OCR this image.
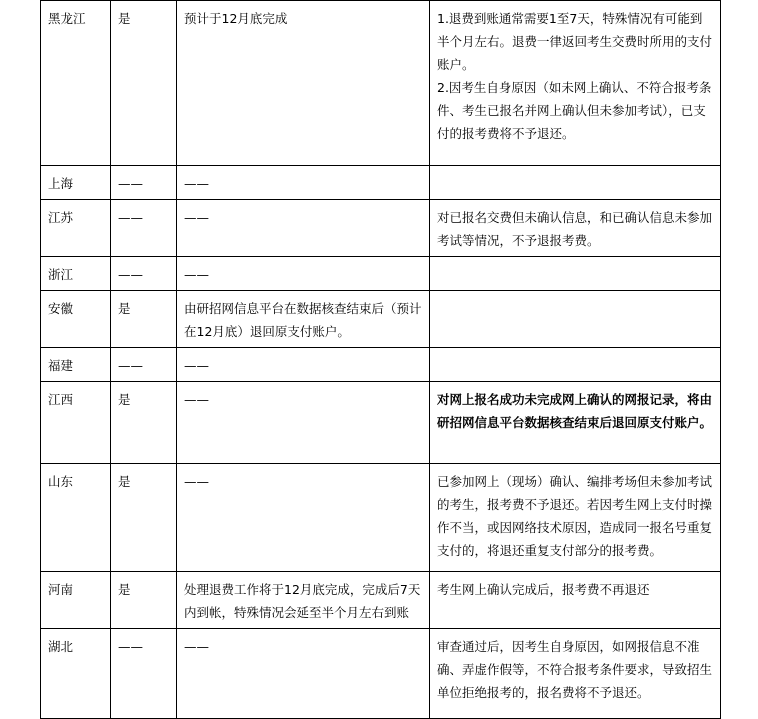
黑龙江	是	预计于12月底完成	1.退费到账通常需要1至7天，特殊情况有可能到半个月左右。退费一律返回考生交费时所用的支付账户。
2.因考生自身原因（如未网上确认、不符合报考条件、考生已报名并网上确认但未参加考试），已支付的报考费将不予退还。

上海	——	——	
江苏	——	——	对已报名交费但未确认信息，和已确认信息未参加考试等情况，不予退报考费。

浙江	——	——	
安徽	是	由研招网信息平台在数据核查结束后（预计在12月底）退回原支付账户。	
福建	——	——	
江西	是	——	对网上报名成功未完成网上确认的网报记录，将由研招网信息平台数据核查结束后退回原支付账户。

山东	是	——	已参加网上（现场）确认、编排考场但未参加考试的考生，报考费不予退还。若因考生网上支付时操作不当，或因网络技术原因，造成同一报名号重复支付的，将退还重复支付部分的报考费。

河南	是	处理退费工作将于12月底完成，完成后7天内到帐，特殊情况会延至半个月左右到账	考生网上确认完成后，报考费不再退还

湖北	——	——	审查通过后，因考生自身原因，如网报信息不准确、弄虚作假等，不符合报考条件要求，导致招生单位拒绝报考的，报名费将不予退还。
